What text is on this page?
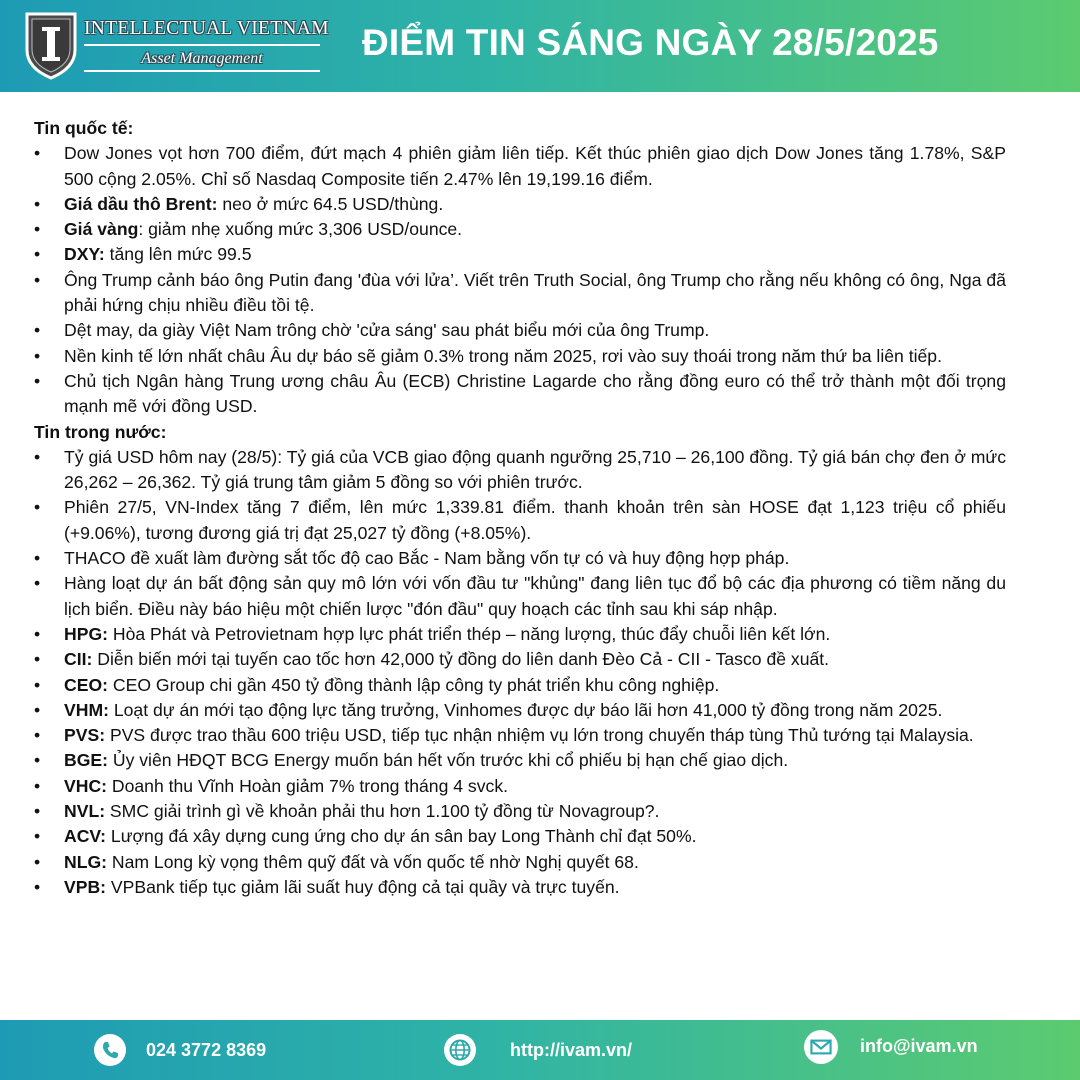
INTELLECTUAL VIETNAM
Asset Management	ĐIỂM TIN SÁNG NGÀY 28/5/2025
Tin quốc tế:
• Dow Jones vọt hơn 700 điểm, đứt mạch 4 phiên giảm liên tiếp. Kết thúc phiên giao dịch Dow Jones tăng 1.78%, S&P 500 cộng 2.05%. Chỉ số Nasdaq Composite tiến 2.47% lên 19,199.16 điểm.
• Giá dầu thô Brent: neo ở mức 64.5 USD/thùng.
• Giá vàng: giảm nhẹ xuống mức 3,306 USD/ounce.
• DXY: tăng lên mức 99.5
• Ông Trump cảnh báo ông Putin đang 'đùa với lửa’. Viết trên Truth Social, ông Trump cho rằng nếu không có ông, Nga đã phải hứng chịu nhiều điều tồi tệ.
• Dệt may, da giày Việt Nam trông chờ 'cửa sáng' sau phát biểu mới của ông Trump.
• Nền kinh tế lớn nhất châu Âu dự báo sẽ giảm 0.3% trong năm 2025, rơi vào suy thoái trong năm thứ ba liên tiếp.
• Chủ tịch Ngân hàng Trung ương châu Âu (ECB) Christine Lagarde cho rằng đồng euro có thể trở thành một đối trọng mạnh mẽ với đồng USD.
Tin trong nước:
• Tỷ giá USD hôm nay (28/5): Tỷ giá của VCB giao động quanh ngưỡng 25,710 – 26,100 đồng. Tỷ giá bán chợ đen ở mức 26,262 – 26,362. Tỷ giá trung tâm giảm 5 đồng so với phiên trước.
• Phiên 27/5, VN-Index tăng 7 điểm, lên mức 1,339.81 điểm. thanh khoản trên sàn HOSE đạt 1,123 triệu cổ phiếu (+9.06%), tương đương giá trị đạt 25,027 tỷ đồng (+8.05%).
• THACO đề xuất làm đường sắt tốc độ cao Bắc - Nam bằng vốn tự có và huy động hợp pháp.
• Hàng loạt dự án bất động sản quy mô lớn với vốn đầu tư "khủng" đang liên tục đổ bộ các địa phương có tiềm năng du lịch biển. Điều này báo hiệu một chiến lược "đón đầu" quy hoạch các tỉnh sau khi sáp nhập.
• HPG: Hòa Phát và Petrovietnam hợp lực phát triển thép – năng lượng, thúc đẩy chuỗi liên kết lớn.
• CII: Diễn biến mới tại tuyến cao tốc hơn 42,000 tỷ đồng do liên danh Đèo Cả - CII - Tasco đề xuất.
• CEO: CEO Group chi gần 450 tỷ đồng thành lập công ty phát triển khu công nghiệp.
• VHM: Loạt dự án mới tạo động lực tăng trưởng, Vinhomes được dự báo lãi hơn 41,000 tỷ đồng trong năm 2025.
• PVS: PVS được trao thầu 600 triệu USD, tiếp tục nhận nhiệm vụ lớn trong chuyến tháp tùng Thủ tướng tại Malaysia.
• BGE: Ủy viên HĐQT BCG Energy muốn bán hết vốn trước khi cổ phiếu bị hạn chế giao dịch.
• VHC: Doanh thu Vĩnh Hoàn giảm 7% trong tháng 4 svck.
• NVL: SMC giải trình gì về khoản phải thu hơn 1.100 tỷ đồng từ Novagroup?.
• ACV: Lượng đá xây dựng cung ứng cho dự án sân bay Long Thành chỉ đạt 50%.
• NLG: Nam Long kỳ vọng thêm quỹ đất và vốn quốc tế nhờ Nghị quyết 68.
• VPB: VPBank tiếp tục giảm lãi suất huy động cả tại quầy và trực tuyến.
024 3772 8369	http://ivam.vn/	info@ivam.vn
